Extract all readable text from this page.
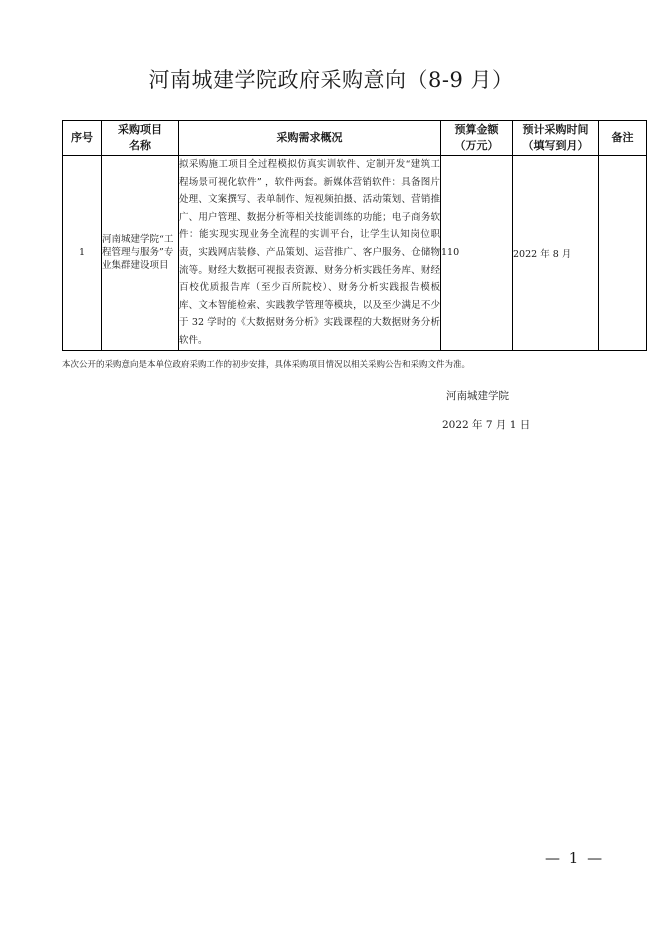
河南城建学院政府采购意向（8-9 月）
序号	采购项目名称	采购需求概况	预算金额（万元）	预计采购时间（填写到月）	备注
1	河南城建学院“工程管理与服务”专业集群建设项目	拟采购施工项目全过程模拟仿真实训软件、定制开发“建筑工程场景可视化软件” ，软件两套。新媒体营销软件：具备图片处理、文案撰写、表单制作、短视频拍摄、活动策划、营销推广、用户管理、数据分析等相关技能训练的功能；电子商务软件：能实现实现业务全流程的实训平台，让学生认知岗位职责，实践网店装修、产品策划、运营推广、客户服务、仓储物流等。财经大数据可视报表资源、财务分析实践任务库、财经百校优质报告库（至少百所院校）、财务分析实践报告模板库、文本智能检索、实践教学管理等模块，以及至少满足不少于 32 学时的《大数据财务分析》实践课程的大数据财务分析软件。	110	2022 年 8 月	
本次公开的采购意向是本单位政府采购工作的初步安排，具体采购项目情况以相关采购公告和采购文件为准。
河南城建学院
2022 年 7 月 1 日
— 1 —
